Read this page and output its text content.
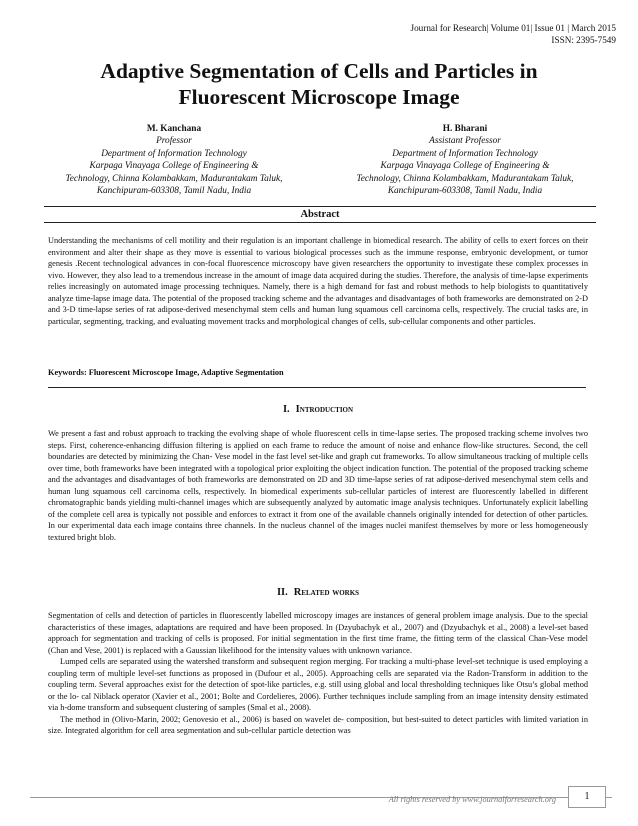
Journal for Research| Volume 01| Issue 01 | March 2015
ISSN: 2395-7549
Adaptive Segmentation of Cells and Particles in
Fluorescent Microscope Image
M. Kanchana
Professor
Department of Information Technology
Karpaga Vinayaga College of Engineering &
Technology, Chinna Kolambakkam, Madurantakam Taluk,
Kanchipuram-603308, Tamil Nadu, India
H. Bharani
Assistant Professor
Department of Information Technology
Karpaga Vinayaga College of Engineering &
Technology, Chinna Kolambakkam, Madurantakam Taluk,
Kanchipuram-603308, Tamil Nadu, India
Abstract
Understanding the mechanisms of cell motility and their regulation is an important challenge in biomedical research. The ability of cells to exert forces on their environment and alter their shape as they move is essential to various biological processes such as the immune response, embryonic development, or tumor genesis .Recent technological advances in con-focal fluorescence microscopy have given researchers the opportunity to investigate these complex processes in vivo. However, they also lead to a tremendous increase in the amount of image data acquired during the studies. Therefore, the analysis of time-lapse experiments relies increasingly on automated image processing techniques. Namely, there is a high demand for fast and robust methods to help biologists to quantitatively analyze time-lapse image data. The potential of the proposed tracking scheme and the advantages and disadvantages of both frameworks are demonstrated on 2-D and 3-D time-lapse series of rat adipose-derived mesenchymal stem cells and human lung squamous cell carcinoma cells, respectively. The crucial tasks are, in particular, segmenting, tracking, and evaluating movement tracks and morphological changes of cells, sub-cellular components and other particles.
Keywords: Fluorescent Microscope Image, Adaptive Segmentation
I. Introduction

We present a fast and robust approach to tracking the evolving shape of whole fluorescent cells in time-lapse series. The proposed tracking scheme involves two steps. First, coherence-enhancing diffusion filtering is applied on each frame to reduce the amount of noise and enhance flow-like structures. Second, the cell boundaries are detected by minimizing the Chan- Vese model in the fast level set-like and graph cut frameworks. To allow simultaneous tracking of multiple cells over time, both frameworks have been integrated with a topological prior exploiting the object indication function. The potential of the proposed tracking scheme and the advantages and disadvantages of both frameworks are demonstrated on 2D and 3D time-lapse series of rat adipose-derived mesenchymal stem cells and human lung squamous cell carcinoma cells, respectively. In biomedical experiments sub-cellular particles of interest are fluorescently labelled in different chromatographic bands yielding multi-channel images which are subsequently analyzed by automatic image analysis techniques. Unfortunately explicit labelling of the complete cell area is typically not possible and enforces to extract it from one of the available channels originally intended for detection of other particles. In our experimental data each image contains three channels. In the nucleus channel of the images nuclei manifest themselves by more or less homogeneously textured bright blob.

II. Related works

Segmentation of cells and detection of particles in fluorescently labelled microscopy images are instances of general problem image analysis. Due to the special characteristics of these images, adaptations are required and have been proposed. In (Dzyubachyk et al., 2007) and (Dzyubachyk et al., 2008) a level-set based approach for segmentation and tracking of cells is proposed. For initial segmentation in the first time frame, the fitting term of the classical Chan-Vese model (Chan and Vese, 2001) is replaced with a Gaussian likelihood for the intensity values with unknown variance.

Lumped cells are separated using the watershed transform and subsequent region merging. For tracking a multi-phase level-set technique is used employing a coupling term of multiple level-set functions as proposed in (Dufour et al., 2005). Approaching cells are separated via the Radon-Transform in addition to the coupling term. Several approaches exist for the detection of spot-like particles, e.g. still using global and local thresholding techniques like Otsu’s global method or the lo- cal Niblack operator (Xavier et al., 2001; Bolte and Cordelieres, 2006). Further techniques include sampling from an image intensity density estimated via h-dome transform and subsequent clustering of samples (Smal et al., 2008).

The method in (Olivo-Marin, 2002; Genovesio et al., 2006) is based on wavelet de- composition, but best-suited to detect particles with limited variation in size. Integrated algorithm for cell area segmentation and sub-cellular particle detection was

All rights reserved by www.journalforresearch.org	1
